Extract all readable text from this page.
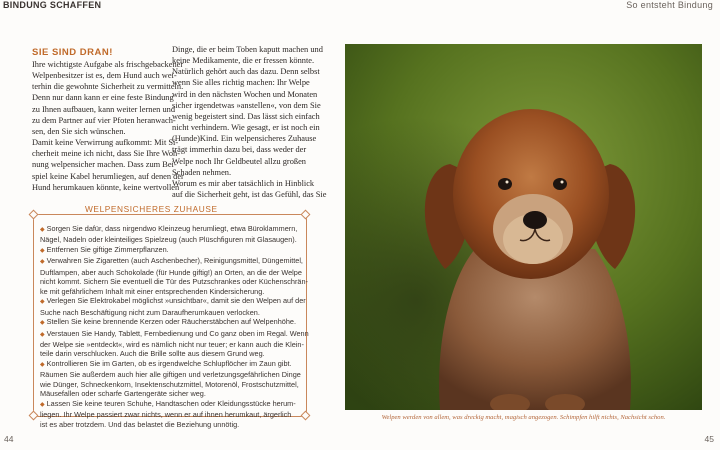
BINDUNG SCHAFFEN	So entsteht Bindung
SIE SIND DRAN!
Ihre wichtigste Aufgabe als frischgebackener
Welpenbesitzer ist es, dem Hund auch wei-
terhin die gewohnte Sicherheit zu vermitteln.
Denn nur dann kann er eine feste Bindung
zu Ihnen aufbauen, kann weiter lernen und
zu dem Partner auf vier Pfoten heranwach-
sen, den Sie sich wünschen.
Damit keine Verwirrung aufkommt: Mit Si-
cherheit meine ich nicht, dass Sie Ihre Woh-
nung welpensicher machen. Dass zum Bei-
spiel keine Kabel herumliegen, auf denen der
Hund herumkauen könnte, keine wertvollen
Dinge, die er beim Toben kaputt machen und
keine Medikamente, die er fressen könnte.
Natürlich gehört auch das dazu. Denn selbst
wenn Sie alles richtig machen: Ihr Welpe
wird in den nächsten Wochen und Monaten
sicher irgendetwas »anstellen«, von dem Sie
wenig begeistert sind. Das lässt sich einfach
nicht verhindern. Wie gesagt, er ist noch ein
(Hunde)Kind. Ein welpensicheres Zuhause
trägt immerhin dazu bei, dass weder der
Welpe noch Ihr Geldbeutel allzu großen
Schaden nehmen.
Worum es mir aber tatsächlich in Hinblick
auf die Sicherheit geht, ist das Gefühl, das Sie
WELPENSICHERES ZUHAUSE
◆ Sorgen Sie dafür, dass nirgendwo Kleinzeug herumliegt, etwa Büroklammern,
Nägel, Nadeln oder kleinteiliges Spielzeug (auch Plüschfiguren mit Glasaugen).
◆ Entfernen Sie giftige Zimmerpflanzen.
◆ Verwahren Sie Zigaretten (auch Aschenbecher), Reinigungsmittel, Düngemittel,
Duftlampen, aber auch Schokolade (für Hunde giftig!) an Orten, an die der Welpe
nicht kommt. Sichern Sie eventuell die Tür des Putzschrankes oder Küchenschrän-
ke mit gefährlichem Inhalt mit einer entsprechenden Kindersicherung.
◆ Verlegen Sie Elektrokabel möglichst »unsichtbar«, damit sie den Welpen auf der
Suche nach Beschäftigung nicht zum Daraufherumkauen verlocken.
◆ Stellen Sie keine brennende Kerzen oder Räucherstäbchen auf Welpenhöhe.
◆ Verstauen Sie Handy, Tablett, Fernbedienung und Co ganz oben im Regal. Wenn
der Welpe sie »entdeckt«, wird es nämlich nicht nur teuer; er kann auch die Klein-
teile darin verschlucken. Auch die Brille sollte aus diesem Grund weg.
◆ Kontrollieren Sie im Garten, ob es irgendwelche Schlupflöcher im Zaun gibt.
Räumen Sie außerdem auch hier alle giftigen und verletzungsgefährlichen Dinge
wie Dünger, Schneckenkorn, Insektenschutzmittel, Motorenöl, Frostschutzmittel,
Mäusefallen oder scharfe Gartengeräte sicher weg.
◆ Lassen Sie keine teuren Schuhe, Handtaschen oder Kleidungsstücke herum-
liegen. Ihr Welpe passiert zwar nichts, wenn er auf ihnen herumkaut, ärgerlich
ist es aber trotzdem. Und das belastet die Beziehung unnötig.
Welpen werden von allem, was dreckig macht, magisch angezogen. Schimpfen hilft nichts, Nachsicht schon.
44	45
